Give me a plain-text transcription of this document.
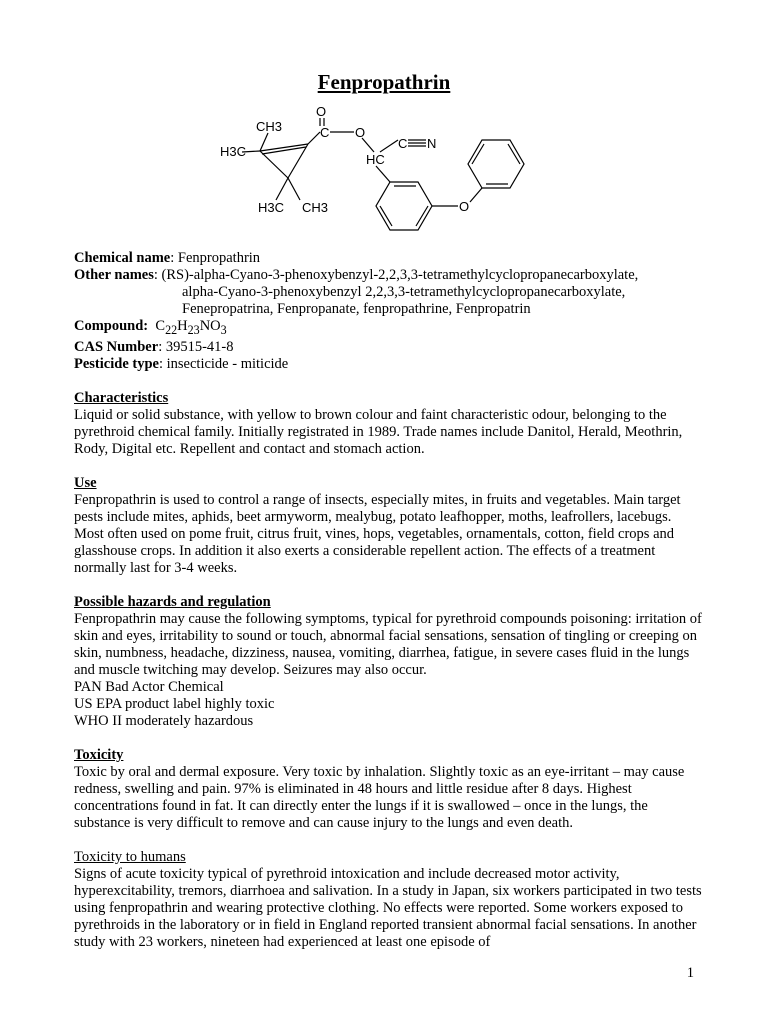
Fenpropathrin
O
C O
CH3
H3C
HC
C N
H3C CH3	O

Chemical name: Fenpropathrin

Other names: (RS)-alpha-Cyano-3-phenoxybenzyl-2,2,3,3-tetramethylcyclopropanecarboxylate,

alpha-Cyano-3-phenoxybenzyl 2,2,3,3-tetramethylcyclopropanecarboxylate,

Fenepropatrina, Fenpropanate, fenpropathrine, Fenpropatrin

Compound: $C_{22}H_{23}NO_3$

CAS Number: 39515-41-8

Pesticide type: insecticide - miticide

Characteristics

Liquid or solid substance, with yellow to brown colour and faint characteristic odour, belonging to the pyrethroid chemical family. Initially registrated in 1989. Trade names include Danitol, Herald, Meothrin, Rody, Digital etc. Repellent and contact and stomach action.

Use

Fenpropathrin is used to control a range of insects, especially mites, in fruits and vegetables. Main target pests include mites, aphids, beet armyworm, mealybug, potato leafhopper, moths, leafrollers, lacebugs. Most often used on pome fruit, citrus fruit, vines, hops, vegetables, ornamentals, cotton, field crops and glasshouse crops. In addition it also exerts a considerable repellent action. The effects of a treatment normally last for 3-4 weeks.

Possible hazards and regulation

Fenpropathrin may cause the following symptoms, typical for pyrethroid compounds poisoning: irritation of skin and eyes, irritability to sound or touch, abnormal facial sensations, sensation of tingling or creeping on skin, numbness, headache, dizziness, nausea, vomiting, diarrhea, fatigue, in severe cases fluid in the lungs and muscle twitching may develop. Seizures may also occur.

PAN Bad Actor Chemical

US EPA product label highly toxic

WHO II moderately hazardous

Toxicity

Toxic by oral and dermal exposure. Very toxic by inhalation. Slightly toxic as an eye-irritant – may cause redness, swelling and pain. 97% is eliminated in 48 hours and little residue after 8 days. Highest concentrations found in fat. It can directly enter the lungs if it is swallowed – once in the lungs, the substance is very difficult to remove and can cause injury to the lungs and even death.

Toxicity to humans

Signs of acute toxicity typical of pyrethroid intoxication and include decreased motor activity, hyperexcitability, tremors, diarrhoea and salivation. In a study in Japan, six workers participated in two tests using fenpropathrin and wearing protective clothing. No effects were reported. Some workers exposed to pyrethroids in the laboratory or in field in England reported transient abnormal facial sensations. In another study with 23 workers, nineteen had experienced at least one episode of

1
